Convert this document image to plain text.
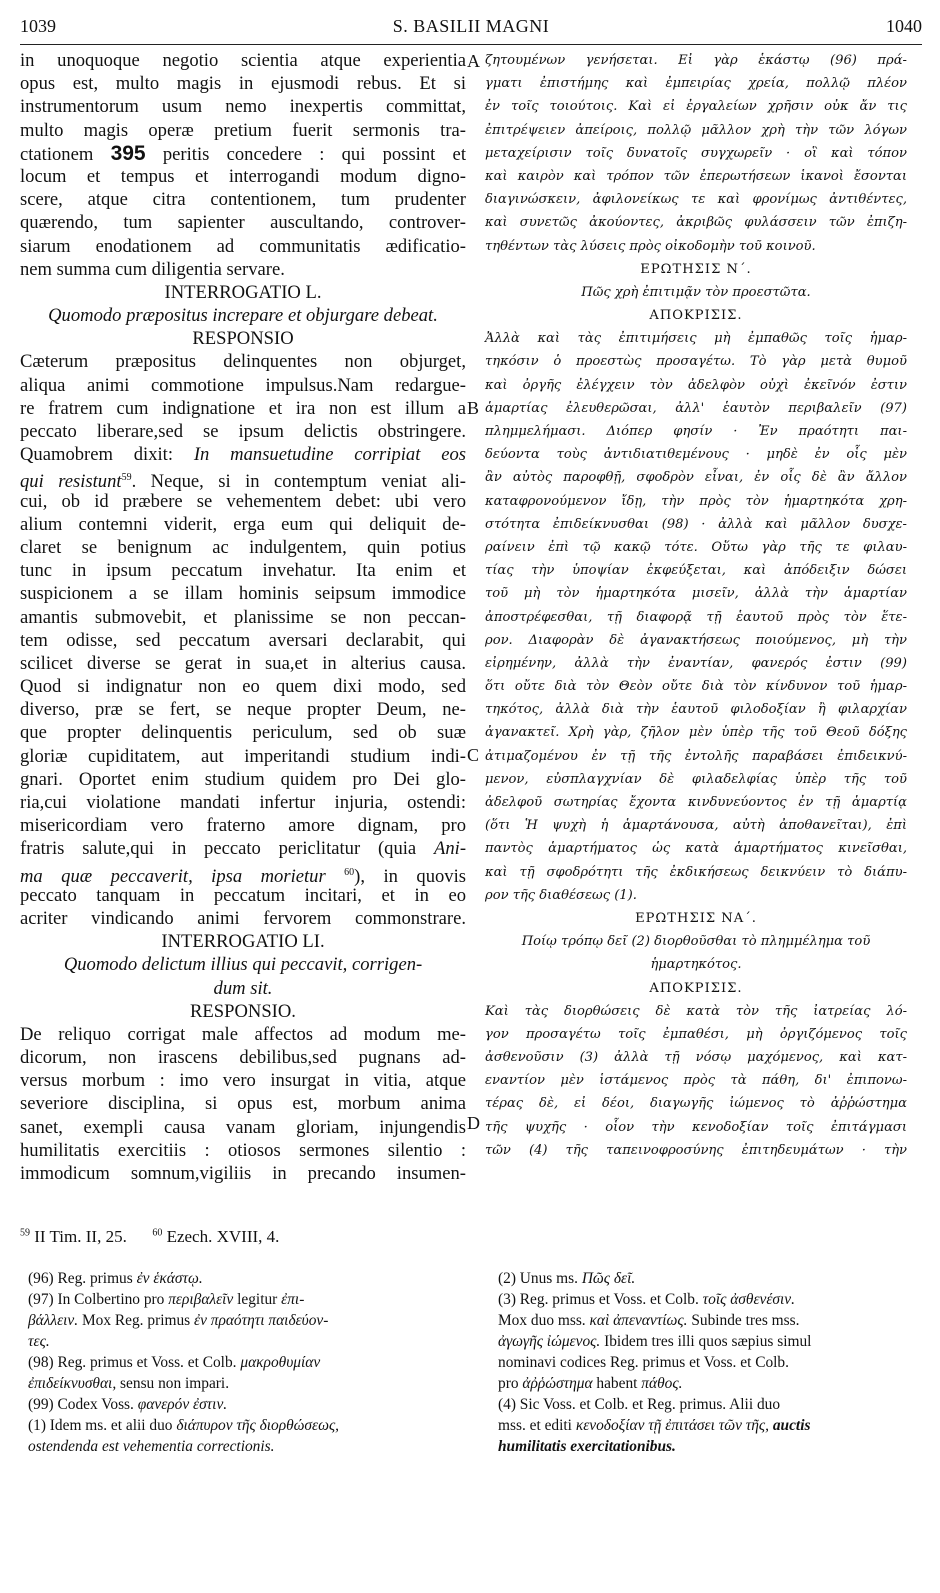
1039	S. BASILII MAGNI	1040
in unoquoque negotio scientia atque experientia
opus est, multo magis in ejusmodi rebus. Et si
instrumentorum usum nemo inexpertis committat,
multo magis operæ pretium fuerit sermonis tra-
ctationem 395 peritis concedere : qui possint et
locum et tempus et interrogandi modum digno-
scere, atque citra contentionem, tum prudenter
quærendo, tum sapienter auscultando, controver-
siarum enodationem ad communitatis ædificatio-
nem summa cum diligentia servare.
INTERROGATIO L.
Quomodo præpositus increpare et objurgare debeat.
RESPONSIO
Cæterum præpositus delinquentes non objurget,
aliqua animi commotione impulsus.Nam redargue-
re fratrem cum indignatione et ira non est illum a
peccato liberare,sed se ipsum delictis obstringere.
Quamobrem dixit: In mansuetudine corripiat eos
qui resistunt$^{59}$. Neque, si in contemptum veniat ali-
cui, ob id præbere se vehementem debet: ubi vero
alium contemni viderit, erga eum qui deliquit de-
claret se benignum ac indulgentem, quin potius
tunc in ipsum peccatum invehatur. Ita enim et
suspicionem a se illam hominis seipsum immodice
amantis submovebit, et planissime se non peccan-
tem odisse, sed peccatum aversari declarabit, qui
scilicet diverse se gerat in sua,et in alterius causa.
Quod si indignatur non eo quem dixi modo, sed
diverso, præ se fert, se neque propter Deum, ne-
que propter delinquentis periculum, sed ob suæ
gloriæ cupiditatem, aut imperitandi studium indi-
gnari. Oportet enim studium quidem pro Dei glo-
ria,cui violatione mandati infertur injuria, ostendi:
misericordiam vero fraterno amore dignam, pro
fratris salute,qui in peccato periclitatur (quia Ani-
ma quæ peccaverit, ipsa morietur $^{60}$), in quovis
peccato tanquam in peccatum incitari, et in eo
acriter vindicando animi fervorem commonstrare.
INTERROGATIO LI.
Quomodo delictum illius qui peccavit, corrigen-
dum sit.
RESPONSIO.
De reliquo corrigat male affectos ad modum me-
dicorum, non irascens debilibus,sed pugnans ad-
versus morbum : imo vero insurgat in vitia, atque
severiore disciplina, si opus est, morbum anima
sanet, exempli causa vanam gloriam, injungendis
humilitatis exercitiis : otiosos sermones silentio :
immodicum somnum,vigiliis in precando insumen-
A
B
C
D
ζητουμένων γενήσεται. Εἰ γὰρ ἑκάστῳ (96) πρά-
γματι ἐπιστήμης καὶ ἐμπειρίας χρεία, πολλῷ πλέον
ἐν τοῖς τοιούτοις. Καὶ εἰ ἐργαλείων χρῆσιν οὐκ ἄν τις
ἐπιτρέψειεν ἀπείροις, πολλῷ μᾶλλον χρὴ τὴν τῶν λόγων
μεταχείρισιν τοῖς δυνατοῖς συγχωρεῖν · οἳ καὶ τόπον
καὶ καιρὸν καὶ τρόπον τῶν ἐπερωτήσεων ἱκανοὶ ἔσονται
διαγινώσκειν, ἀφιλονείκως τε καὶ φρονίμως ἀντιθέντες,
καὶ συνετῶς ἀκούοντες, ἀκριβῶς φυλάσσειν τῶν ἐπιζη-
τηθέντων τὰς λύσεις πρὸς οἰκοδομὴν τοῦ κοινοῦ.
ΕΡΩΤΗΣΙΣ Ν΄.
Πῶς χρὴ ἐπιτιμᾷν τὸν προεστῶτα.
ΑΠΟΚΡΙΣΙΣ.
Ἀλλὰ καὶ τὰς ἐπιτιμήσεις μὴ ἐμπαθῶς τοῖς ἡμαρ-
τηκόσιν ὁ προεστὼς προσαγέτω. Τὸ γὰρ μετὰ θυμοῦ
καὶ ὀργῆς ἐλέγχειν τὸν ἀδελφὸν οὐχὶ ἐκεῖνόν ἐστιν
ἁμαρτίας ἐλευθερῶσαι, ἀλλ' ἑαυτὸν περιβαλεῖν (97)
πλημμελήμασι. Διόπερ φησίν · Ἐν πραότητι παι-
δεύοντα τοὺς ἀντιδιατιθεμένους · μηδὲ ἐν οἷς μὲν
ἂν αὐτὸς παροφθῇ, σφοδρὸν εἶναι, ἐν οἷς δὲ ἂν ἄλλον
καταφρονούμενον ἴδῃ, τὴν πρὸς τὸν ἡμαρτηκότα χρη-
στότητα ἐπιδείκνυσθαι (98) · ἀλλὰ καὶ μᾶλλον δυσχε-
ραίνειν ἐπὶ τῷ κακῷ τότε. Οὕτω γὰρ τῆς τε φιλαυ-
τίας τὴν ὑποψίαν ἐκφεύξεται, καὶ ἀπόδειξιν δώσει
τοῦ μὴ τὸν ἡμαρτηκότα μισεῖν, ἀλλὰ τὴν ἁμαρτίαν
ἀποστρέφεσθαι, τῇ διαφορᾷ τῇ ἑαυτοῦ πρὸς τὸν ἕτε-
ρον. Διαφορὰν δὲ ἀγανακτήσεως ποιούμενος, μὴ τὴν
εἰρημένην, ἀλλὰ τὴν ἐναντίαν, φανερός ἐστιν (99)
ὅτι οὔτε διὰ τὸν Θεὸν οὔτε διὰ τὸν κίνδυνον τοῦ ἡμαρ-
τηκότος, ἀλλὰ διὰ τὴν ἑαυτοῦ φιλοδοξίαν ἢ φιλαρχίαν
ἀγανακτεῖ. Χρὴ γὰρ, ζῆλον μὲν ὑπὲρ τῆς τοῦ Θεοῦ δόξης
ἀτιμαζομένου ἐν τῇ τῆς ἐντολῆς παραβάσει ἐπιδεικνύ-
μενον, εὐσπλαγχνίαν δὲ φιλαδελφίας ὑπὲρ τῆς τοῦ
ἀδελφοῦ σωτηρίας ἔχοντα κινδυνεύοντος ἐν τῇ ἁμαρτίᾳ
(ὅτι Ἡ ψυχὴ ἡ ἁμαρτάνουσα, αὐτὴ ἀποθανεῖται), ἐπὶ
παντὸς ἁμαρτήματος ὡς κατὰ ἁμαρτήματος κινεῖσθαι,
καὶ τῇ σφοδρότητι τῆς ἐκδικήσεως δεικνύειν τὸ διάπυ-
ρον τῆς διαθέσεως (1).
ΕΡΩΤΗΣΙΣ ΝΑ΄.
Ποίῳ τρόπῳ δεῖ (2) διορθοῦσθαι τὸ πλημμέλημα τοῦ
ἡμαρτηκότος.
ΑΠΟΚΡΙΣΙΣ.
Καὶ τὰς διορθώσεις δὲ κατὰ τὸν τῆς ἰατρείας λό-
γον προσαγέτω τοῖς ἐμπαθέσι, μὴ ὀργιζόμενος τοῖς
ἀσθενοῦσιν (3) ἀλλὰ τῇ νόσῳ μαχόμενος, καὶ κατ-
εναντίον μὲν ἱστάμενος πρὸς τὰ πάθη, δι' ἐπιπονω-
τέρας δὲ, εἰ δέοι, διαγωγῆς ἰώμενος τὸ ἀῤῥώστημα
τῆς ψυχῆς · οἷον τὴν κενοδοξίαν τοῖς ἐπιτάγμασι
τῶν (4) τῆς ταπεινοφροσύνης ἐπιτηδευμάτων · τὴν
$^{59}$ II Tim. II, 25.	$^{60}$ Ezech. XVIII, 4.

(96) Reg. primus ἐν ἑκάστῳ.

(97) In Colbertino pro περιβαλεῖν legitur ἐπι-
βάλλειν. Mox Reg. primus ἐν πραότητι παιδεύον-
τες.

(98) Reg. primus et Voss. et Colb. μακροθυμίαν
ἐπιδείκνυσθαι, sensu non impari.

(99) Codex Voss. φανερόν ἐστιν.

(1) Idem ms. et alii duo διάπυρον τῆς διορθώσεως,
ostendenda est vehementia correctionis.

(2) Unus ms. Πῶς δεῖ.

(3) Reg. primus et Voss. et Colb. τοῖς ἀσθενέσιν.
Mox duo mss. καὶ ἀπεναντίως. Subinde tres mss.
ἀγωγῆς ἰώμενος. Ibidem tres illi quos sæpius simul
nominavi codices Reg. primus et Voss. et Colb.
pro ἀῤῥώστημα habent πάθος.

(4) Sic Voss. et Colb. et Reg. primus. Alii duo
mss. et editi κενοδοξίαν τῇ ἐπιτάσει τῶν τῆς, auctis
humilitatis exercitationibus.
